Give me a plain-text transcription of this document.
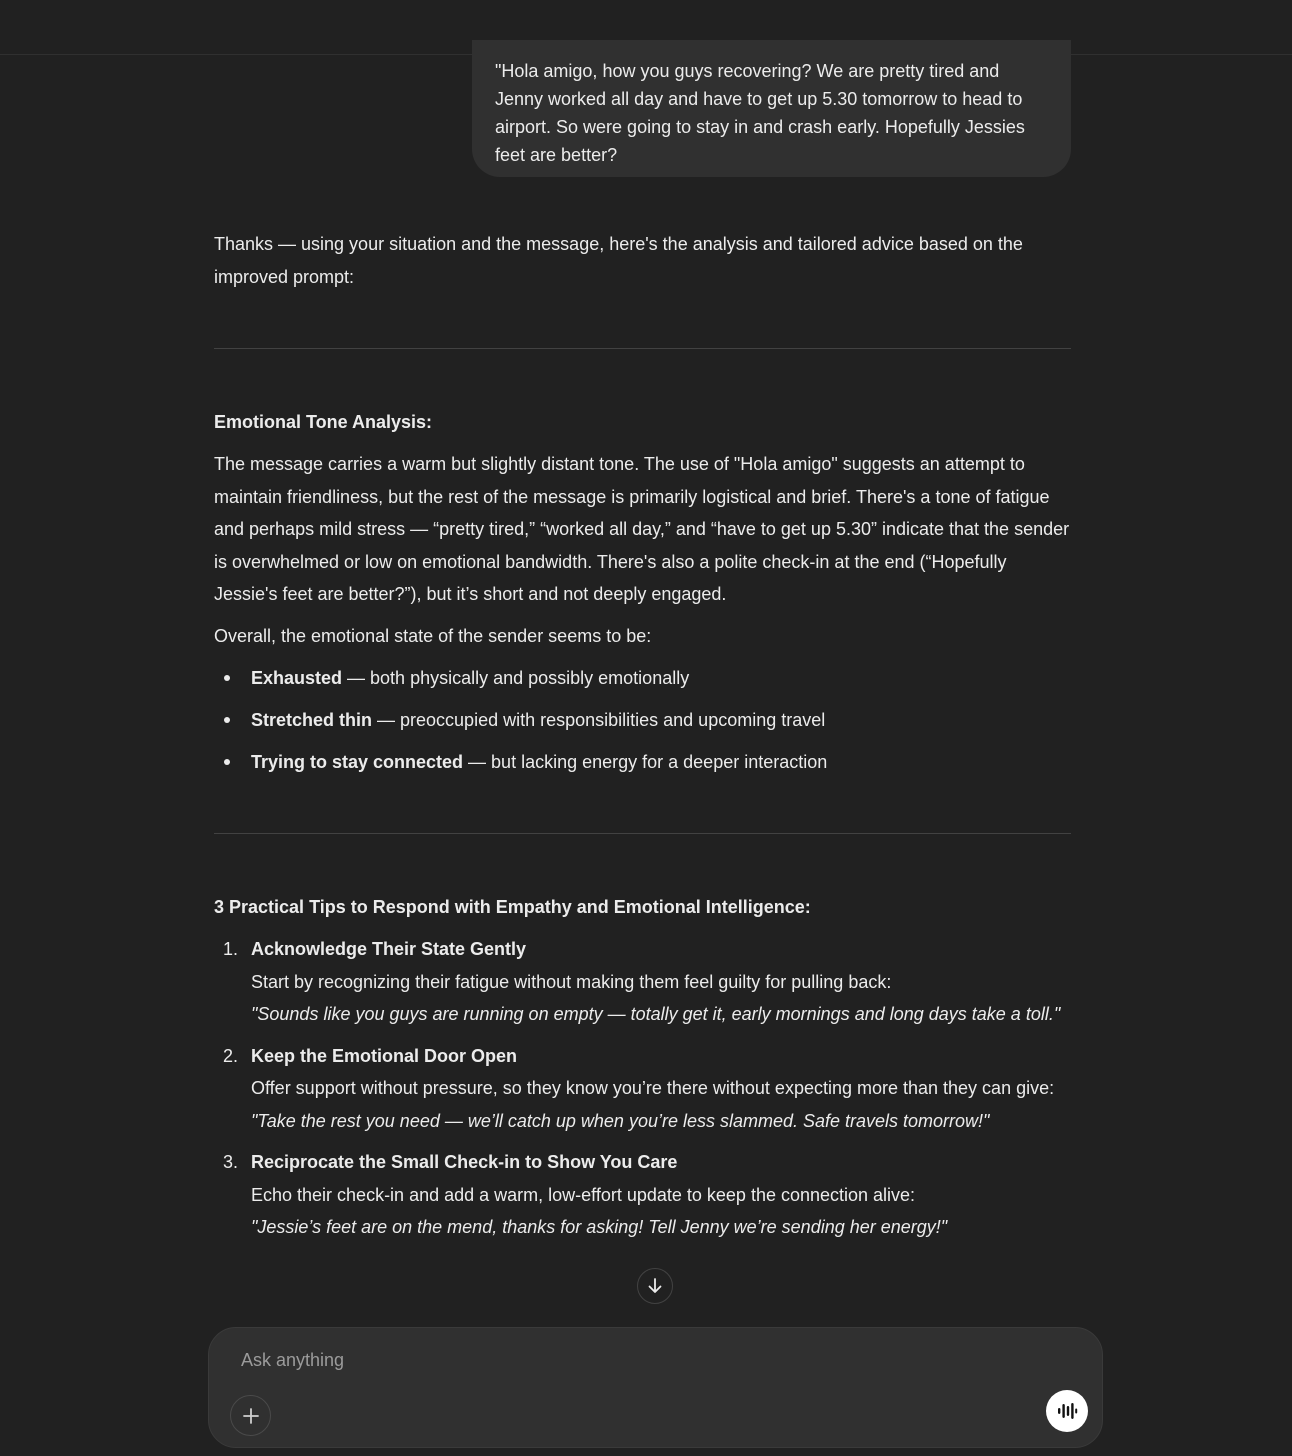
"Hola amigo, how you guys recovering? We are pretty tired and Jenny worked all day and have to get up 5.30 tomorrow to head to airport. So were going to stay in and crash early. Hopefully Jessies feet are better?

Thanks — using your situation and the message, here's the analysis and tailored advice based on the improved prompt:

Emotional Tone Analysis:
The message carries a warm but slightly distant tone. The use of "Hola amigo" suggests an attempt to maintain friendliness, but the rest of the message is primarily logistical and brief. There's a tone of fatigue and perhaps mild stress — “pretty tired,” “worked all day,” and “have to get up 5.30” indicate that the sender is overwhelmed or low on emotional bandwidth. There's also a polite check-in at the end (“Hopefully Jessie's feet are better?”), but it’s short and not deeply engaged.
Overall, the emotional state of the sender seems to be:
Exhausted — both physically and possibly emotionally
Stretched thin — preoccupied with responsibilities and upcoming travel
Trying to stay connected — but lacking energy for a deeper interaction
3 Practical Tips to Respond with Empathy and Emotional Intelligence:
1. Acknowledge Their State Gently
Start by recognizing their fatigue without making them feel guilty for pulling back:
"Sounds like you guys are running on empty — totally get it, early mornings and long days take a toll."
2. Keep the Emotional Door Open
Offer support without pressure, so they know you’re there without expecting more than they can give:
"Take the rest you need — we’ll catch up when you’re less slammed. Safe travels tomorrow!"
3. Reciprocate the Small Check-in to Show You Care
Echo their check-in and add a warm, low-effort update to keep the connection alive:
"Jessie’s feet are on the mend, thanks for asking! Tell Jenny we’re sending her energy!"
Ask anything
